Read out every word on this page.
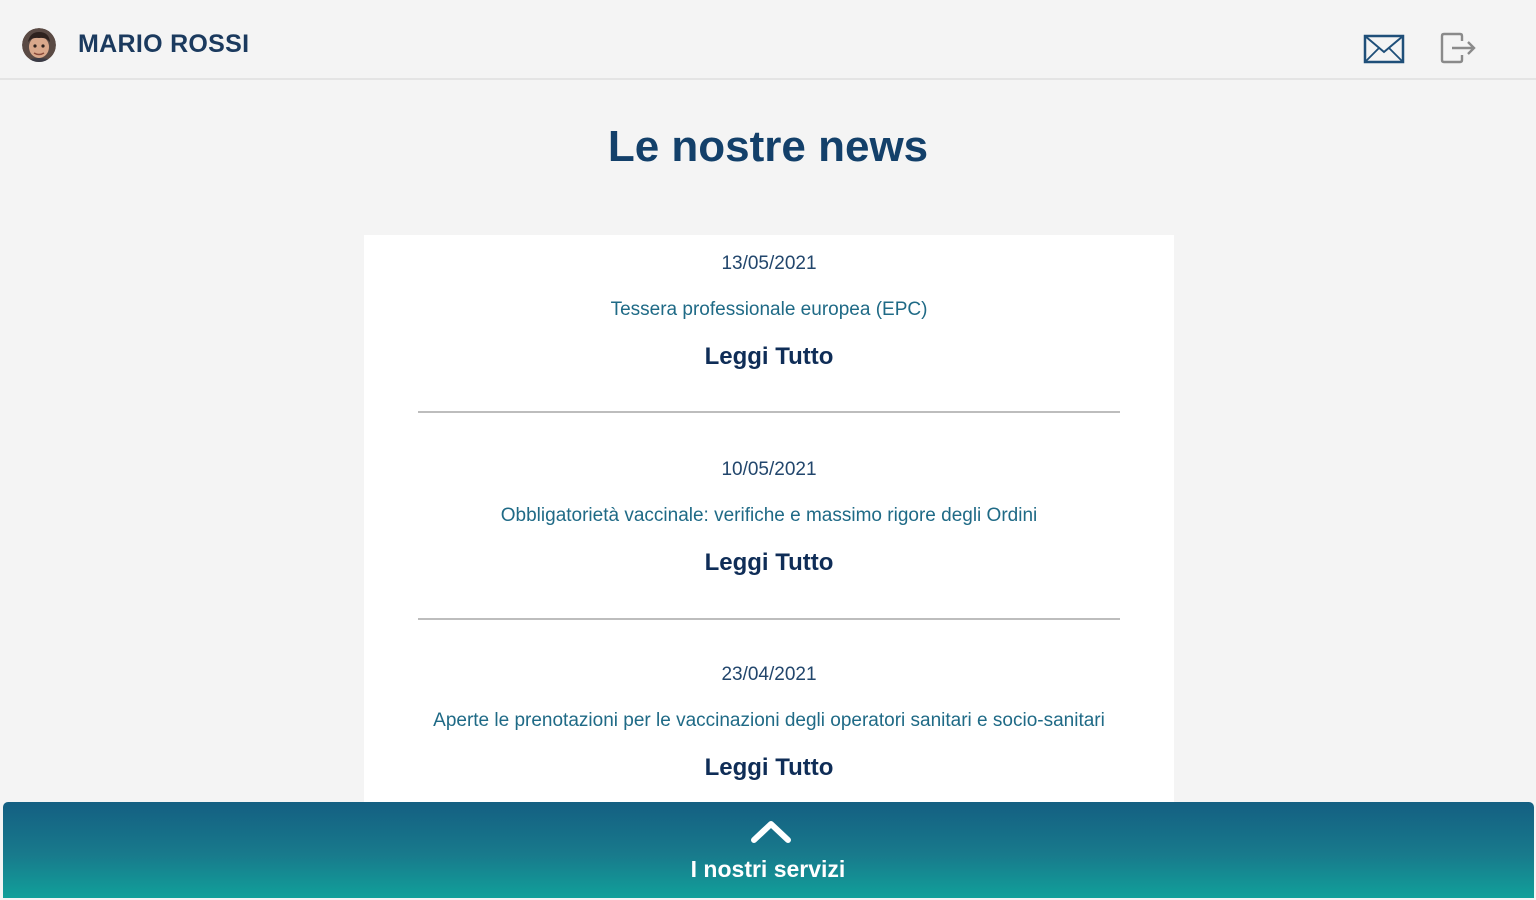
MARIO ROSSI
Le nostre news
13/05/2021
Tessera professionale europea (EPC)
Leggi Tutto
10/05/2021
Obbligatorietà vaccinale: verifiche e massimo rigore degli Ordini
Leggi Tutto
23/04/2021
Aperte le prenotazioni per le vaccinazioni degli operatori sanitari e socio-sanitari
Leggi Tutto
I nostri servizi
